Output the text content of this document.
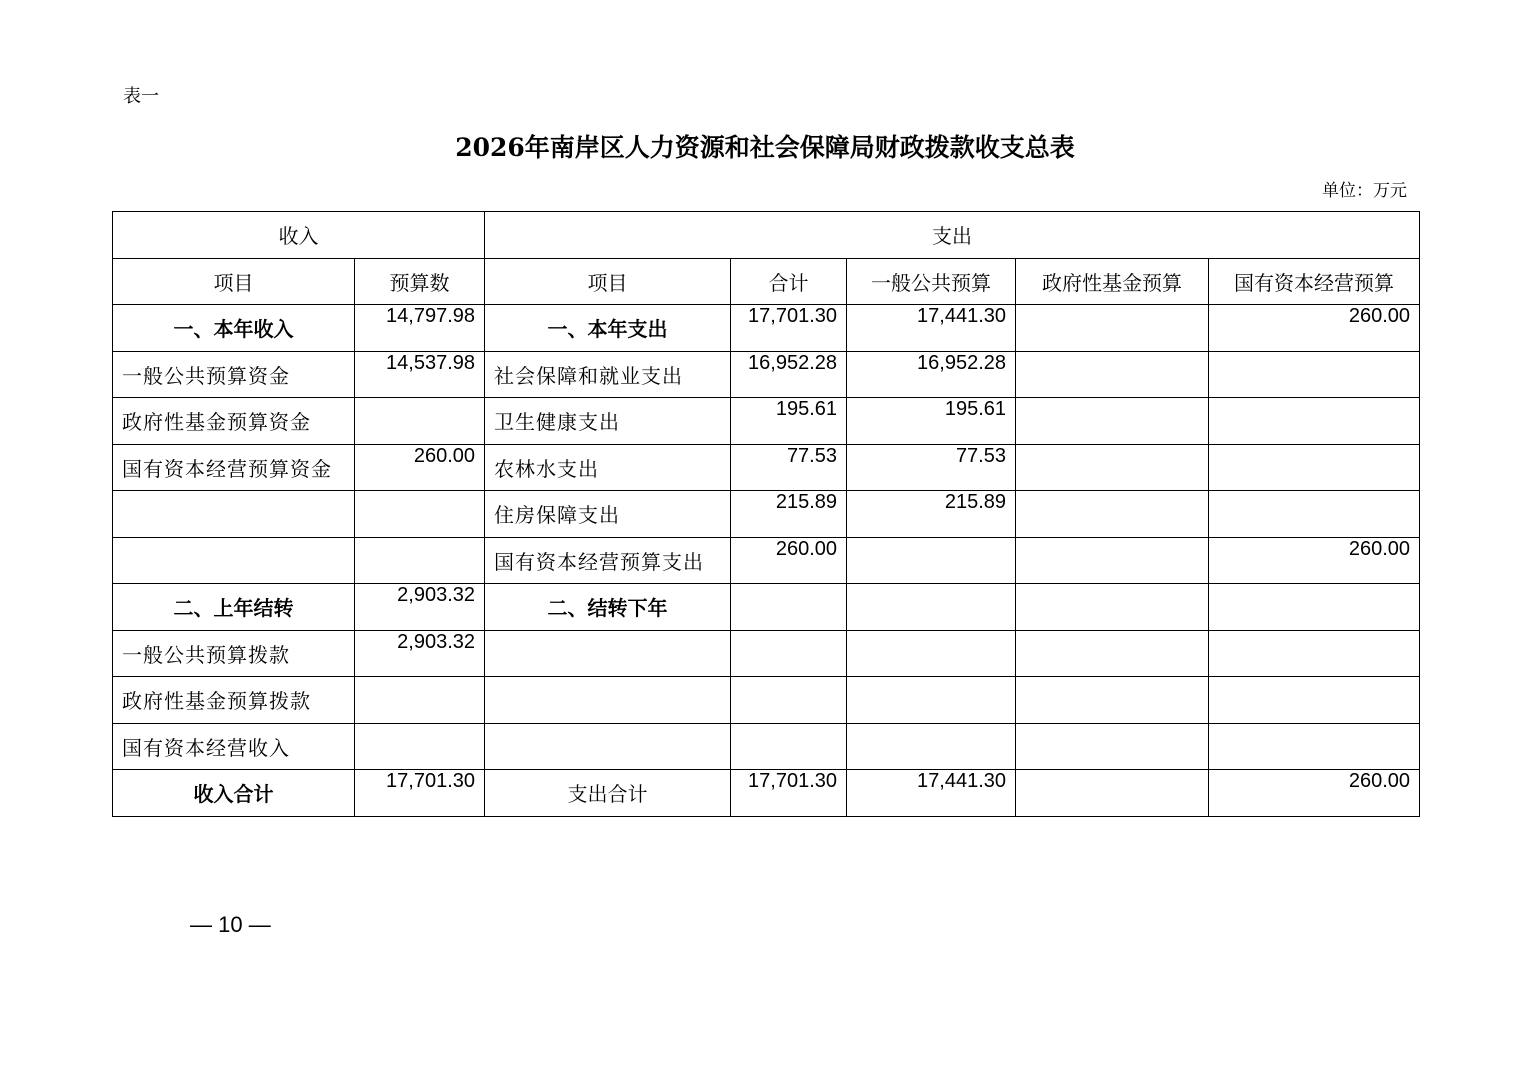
表一
2026年南岸区人力资源和社会保障局财政拨款收支总表
单位：万元
收入		支出				
项目	预算数	项目	合计	一般公共预算	政府性基金预算	国有资本经营预算
一、本年收入	14,797.98	一、本年支出	17,701.30	17,441.30		260.00
一般公共预算资金	14,537.98	社会保障和就业支出	16,952.28	16,952.28		
政府性基金预算资金		卫生健康支出	195.61	195.61		
国有资本经营预算资金	260.00	农林水支出	77.53	77.53		
		住房保障支出	215.89	215.89		
		国有资本经营预算支出	260.00			260.00
二、上年结转	2,903.32	二、结转下年				
一般公共预算拨款	2,903.32					
政府性基金预算拨款						
国有资本经营收入						
收入合计	17,701.30	支出合计	17,701.30	17,441.30		260.00
— 10 —
